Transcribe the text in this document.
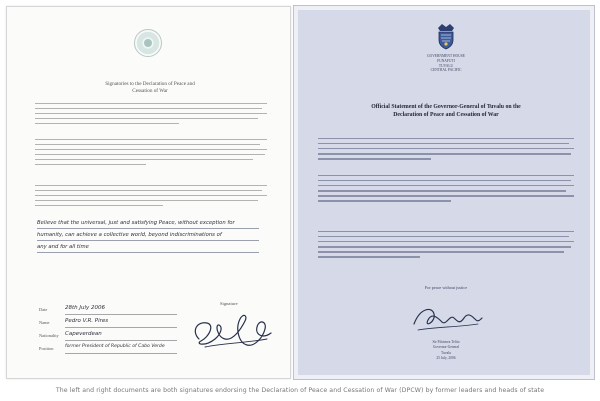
Signatories to the Declaration of Peace and
Cessation of War
Believe that the universal, just and satisfying Peace, without exception for
humanity, can achieve a collective world, beyond indiscriminations of
any and for all time
Date	28th July 2006
Name	Pedro V.R. Pires
Nationality Capeverdean
Position	former President of Republic of Cabo Verde
Signature
GOVERNMENT HOUSE
FUNAFUTI
TUVALU
CENTRAL PACIFIC
Official Statement of the Governor-General of Tuvalu on the
Declaration of Peace and Cessation of War
For peace without justice
Sir Filoimea Telito
Governor-General
Tuvalu
25 July, 2006
The left and right documents are both signatures endorsing the Declaration of Peace and Cessation of War (DPCW) by former leaders and heads of state
